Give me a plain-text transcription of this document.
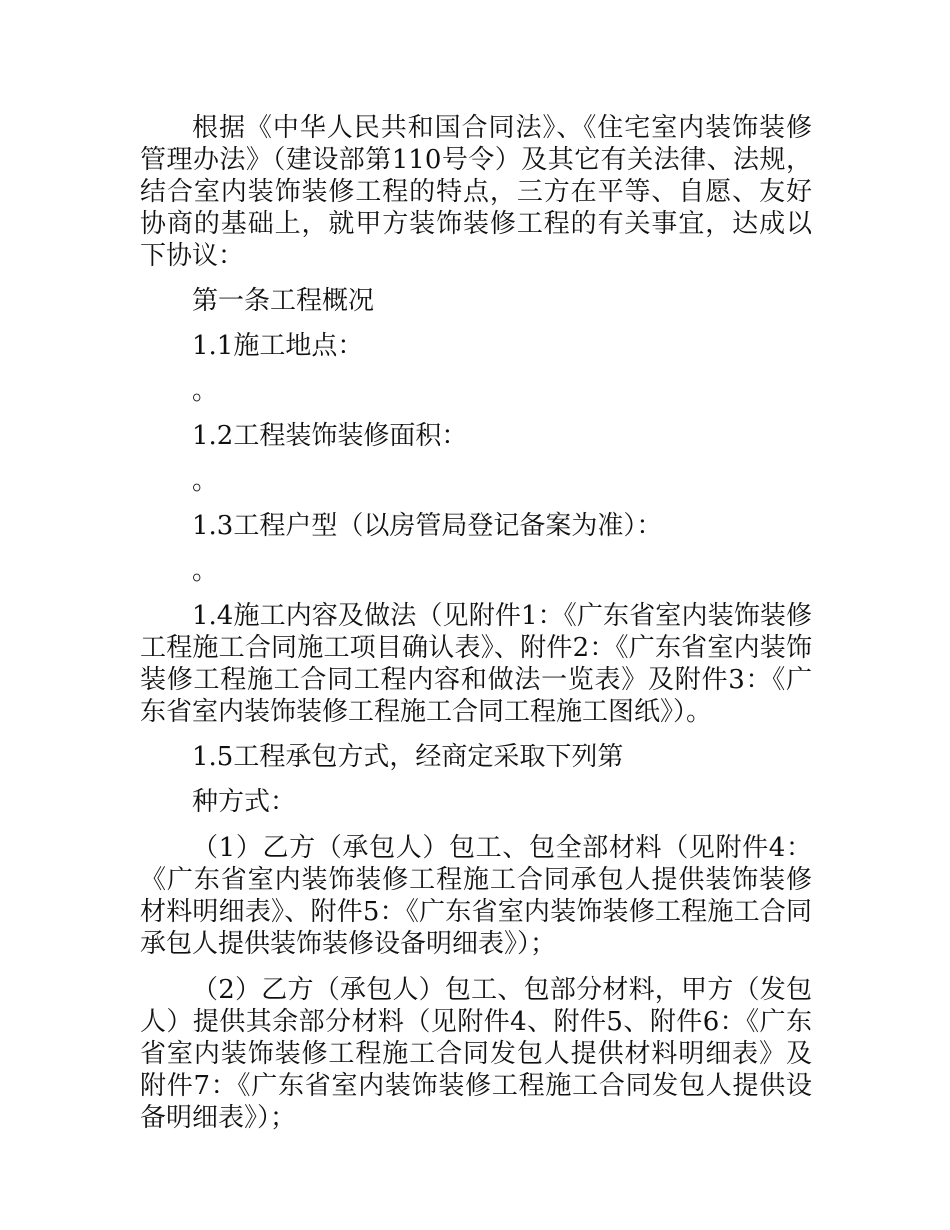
根据《中华人民共和国合同法》、《住宅室内装饰装修管理办法》（建设部第110号令）及其它有关法律、法规，结合室内装饰装修工程的特点，三方在平等、自愿、友好协商的基础上，就甲方装饰装修工程的有关事宜，达成以下协议：

第一条工程概况

1.1施工地点：

。

1.2工程装饰装修面积：

。

1.3工程户型（以房管局登记备案为准）：

。

1.4施工内容及做法（见附件1：《广东省室内装饰装修工程施工合同施工项目确认表》、附件2：《广东省室内装饰装修工程施工合同工程内容和做法一览表》及附件3：《广东省室内装饰装修工程施工合同工程施工图纸》）。

1.5工程承包方式，经商定采取下列第

种方式：

（1）乙方（承包人）包工、包全部材料（见附件4：《广东省室内装饰装修工程施工合同承包人提供装饰装修材料明细表》、附件5：《广东省室内装饰装修工程施工合同承包人提供装饰装修设备明细表》）；

（2）乙方（承包人）包工、包部分材料，甲方（发包人）提供其余部分材料（见附件4、附件5、附件6：《广东省室内装饰装修工程施工合同发包人提供材料明细表》及附件7：《广东省室内装饰装修工程施工合同发包人提供设备明细表》）；
